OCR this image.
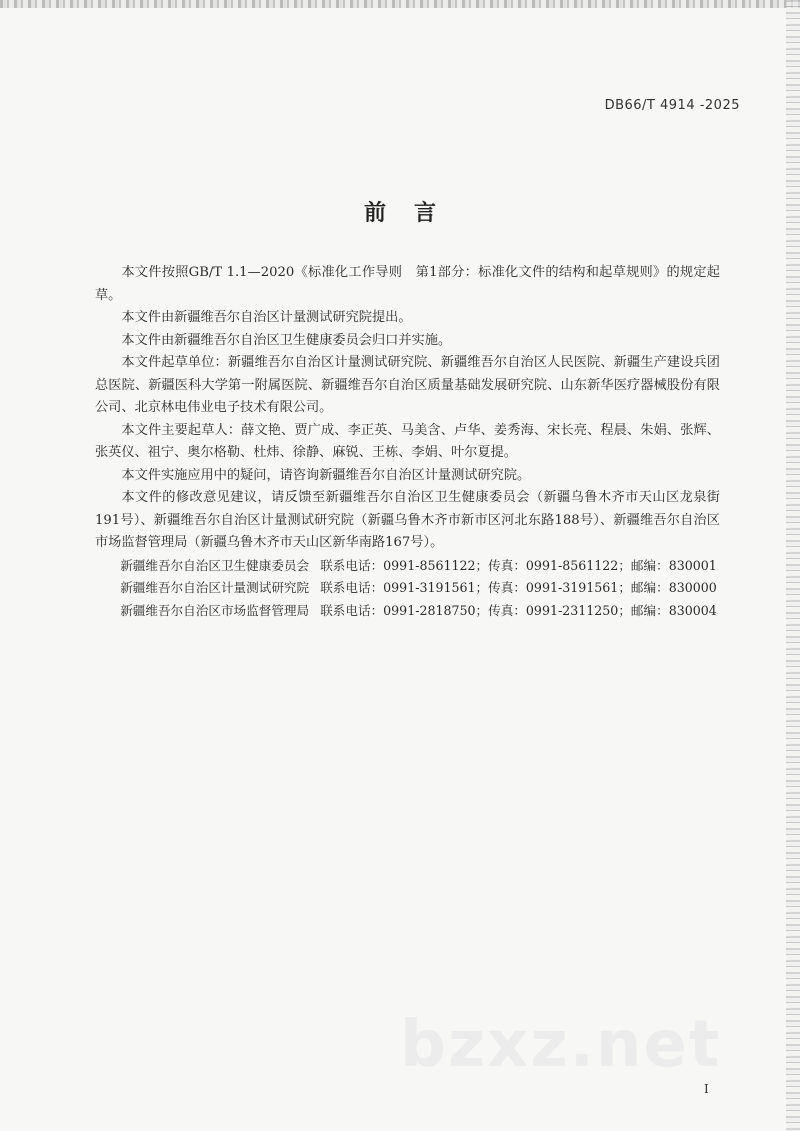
DB66/T 4914 -2025
前言

本文件按照GB/T 1.1—2020《标准化工作导则　第1部分：标准化文件的结构和起草规则》的规定起草。

本文件由新疆维吾尔自治区计量测试研究院提出。

本文件由新疆维吾尔自治区卫生健康委员会归口并实施。

本文件起草单位：新疆维吾尔自治区计量测试研究院、新疆维吾尔自治区人民医院、新疆生产建设兵团总医院、新疆医科大学第一附属医院、新疆维吾尔自治区质量基础发展研究院、山东新华医疗器械股份有限公司、北京林电伟业电子技术有限公司。

本文件主要起草人：薛文艳、贾广成、李正英、马美含、卢华、姜秀海、宋长亮、程晨、朱娟、张辉、张英仪、祖宁、奥尔格勒、杜炜、徐静、麻锐、王栋、李娟、叶尔夏提。

本文件实施应用中的疑问，请咨询新疆维吾尔自治区计量测试研究院。

本文件的修改意见建议，请反馈至新疆维吾尔自治区卫生健康委员会（新疆乌鲁木齐市天山区龙泉街191号）、新疆维吾尔自治区计量测试研究院（新疆乌鲁木齐市新市区河北东路188号）、新疆维吾尔自治区市场监督管理局（新疆乌鲁木齐市天山区新华南路167号）。

新疆维吾尔自治区卫生健康委员会 联系电话：0991-8561122；传真：0991-8561122；邮编：830001
新疆维吾尔自治区计量测试研究院 联系电话：0991-3191561；传真：0991-3191561；邮编：830000
新疆维吾尔自治区市场监督管理局 联系电话：0991-2818750；传真：0991-2311250；邮编：830004
bzxz.net
I
